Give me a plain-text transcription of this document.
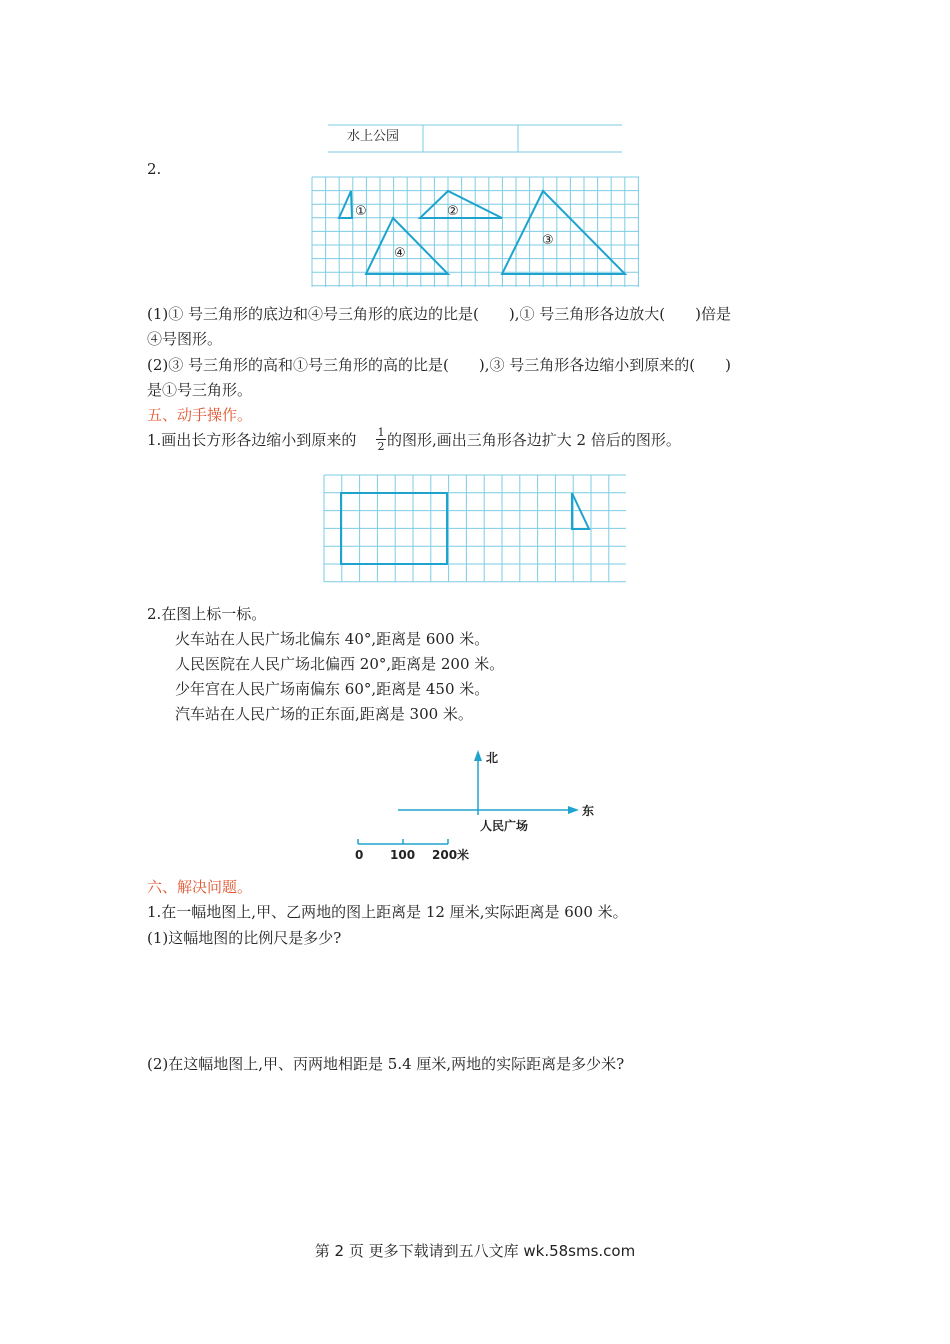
水上公园
2.
①	②
③
④
(1)① 号三角形的底边和④号三角形的底边的比是(　　),① 号三角形各边放大(　　)倍是
④号图形。
(2)③ 号三角形的高和①号三角形的高的比是(　　),③ 号三角形各边缩小到原来的(　　)
是①号三角形。
五、动手操作。
1.画出长方形各边缩小到原来的 1
2 的图形,画出三角形各边扩大 2 倍后的图形。
2.在图上标一标。
火车站在人民广场北偏东 40°,距离是 600 米。
人民医院在人民广场北偏西 20°,距离是 200 米。
少年宫在人民广场南偏东 60°,距离是 450 米。
汽车站在人民广场的正东面,距离是 300 米。
北
东
人民广场
0 100 200米
六、解决问题。
1.在一幅地图上,甲、乙两地的图上距离是 12 厘米,实际距离是 600 米。
(1)这幅地图的比例尺是多少?
(2)在这幅地图上,甲、丙两地相距是 5.4 厘米,两地的实际距离是多少米?
第 2 页 更多下载请到五八文库 wk.58sms.com
